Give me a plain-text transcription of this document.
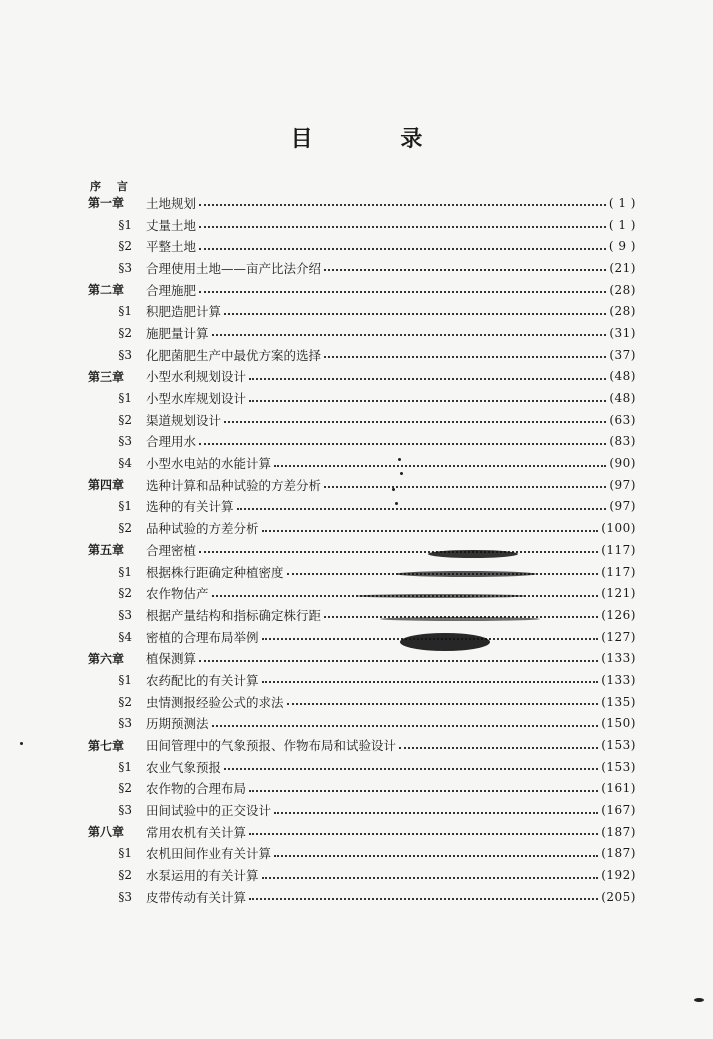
目 录
序 言
第一章	土地规划	( 1 )
§1	丈量土地	( 1 )
§2	平整土地	( 9 )
§3	合理使用土地——亩产比法介绍	(21)
第二章	合理施肥	(28)
§1	积肥造肥计算	(28)
§2	施肥量计算	(31)
§3	化肥菌肥生产中最优方案的选择	(37)
第三章	小型水利规划设计	(48)
§1	小型水库规划设计	(48)
§2	渠道规划设计	(63)
§3	合理用水	(83)
§4	小型水电站的水能计算	(90)
第四章	选种计算和品种试验的方差分析	(97)
§1	选种的有关计算	(97)
§2	品种试验的方差分析	(100)
第五章	合理密植	(117)
§1	根据株行距确定种植密度	(117)
§2	农作物估产	(121)
§3	根据产量结构和指标确定株行距	(126)
§4	密植的合理布局举例	(127)
第六章	植保测算	(133)
§1	农药配比的有关计算	(133)
§2	虫情测报经验公式的求法	(135)
§3	历期预测法	(150)
第七章	田间管理中的气象预报、作物布局和试验设计	(153)
§1	农业气象预报	(153)
§2	农作物的合理布局	(161)
§3	田间试验中的正交设计	(167)
第八章	常用农机有关计算	(187)
§1	农机田间作业有关计算	(187)
§2	水泵运用的有关计算	(192)
§3	皮带传动有关计算	(205)
